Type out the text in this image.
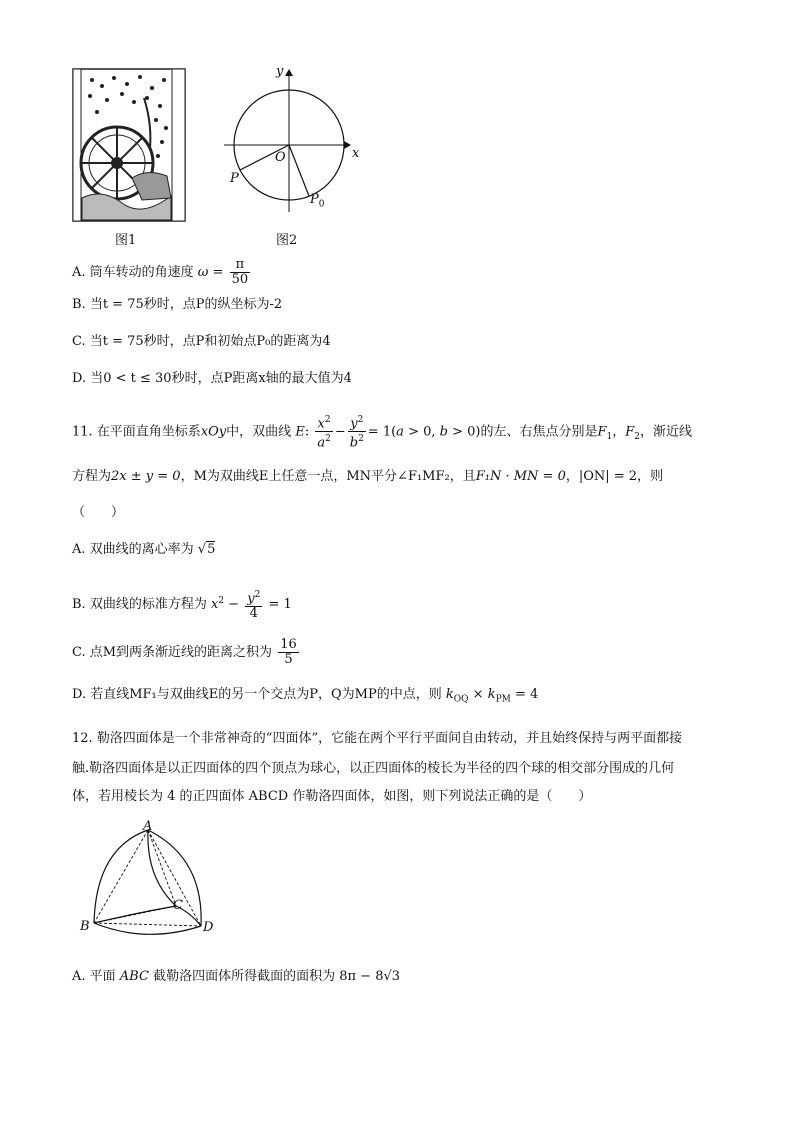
图1
y
x
O
P
$P_0$
图2
A. 筒车转动的角速度 $\omega = \frac{\pi}{50}$
B. 当t = 75秒时，点P的纵坐标为-2
C. 当t = 75秒时，点P和初始点P₀的距离为4
D. 当0 < t ≤ 30秒时，点P距离x轴的最大值为4
11. 在平面直角坐标系xOy中，双曲线 E: $\frac{x^2}{a^2} - \frac{y^2}{b^2} = 1(a > 0$, b > 0)的左、右焦点分别是$F_1$，$F_2$，渐近线
方程为2x ± y = 0，M为双曲线E上任意一点，MN平分∠F₁MF₂，且F₁N · MN = 0，|ON| = 2，则
（　　）
A. 双曲线的离心率为 √5
B. 双曲线的标准方程为 $x^2 - \frac{y^2}{4} = 1$
C. 点M到两条渐近线的距离之积为 $\frac{16}{5}$
D. 若直线MF₁与双曲线E的另一个交点为P，Q为MP的中点，则 $k_{OQ} \times k_{PM} = 4$
12. 勒洛四面体是一个非常神奇的“四面体”，它能在两个平行平面间自由转动，并且始终保持与两平面都接
触.勒洛四面体是以正四面体的四个顶点为球心，以正四面体的棱长为半径的四个球的相交部分围成的几何
体，若用棱长为 4 的正四面体 ABCD 作勒洛四面体，如图，则下列说法正确的是（　　）
A
B
C
D
A. 平面 ABC 截勒洛四面体所得截面的面积为 8π − 8√3
